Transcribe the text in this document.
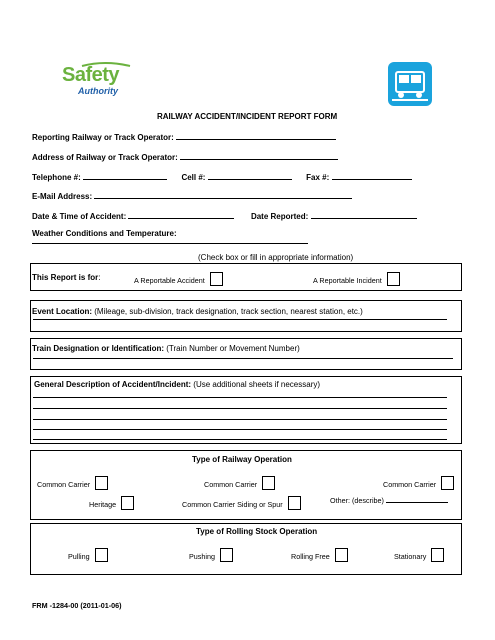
Safety
Authority
RAILWAY ACCIDENT/INCIDENT REPORT FORM
Reporting Railway or Track Operator:
Address of Railway or Track Operator:
Telephone #:	Cell #:	Fax #:
E-Mail Address:
Date & Time of Accident:	Date Reported:
Weather Conditions and Temperature:
(Check box or fill in appropriate information)
This Report is for:	A Reportable Accident	A Reportable Incident
Event Location: (Mileage, sub-division, track designation, track section, nearest station, etc.)
Train Designation or Identification: (Train Number or Movement Number)
General Description of Accident/Incident: (Use additional sheets if necessary)
Type of Railway Operation
Common Carrier	Common Carrier	Common Carrier
Heritage	Common Carrier Siding or Spur	Other: (describe)
Type of Rolling Stock Operation
Pulling	Pushing	Rolling Free	Stationary
FRM -1284-00 (2011-01-06)
